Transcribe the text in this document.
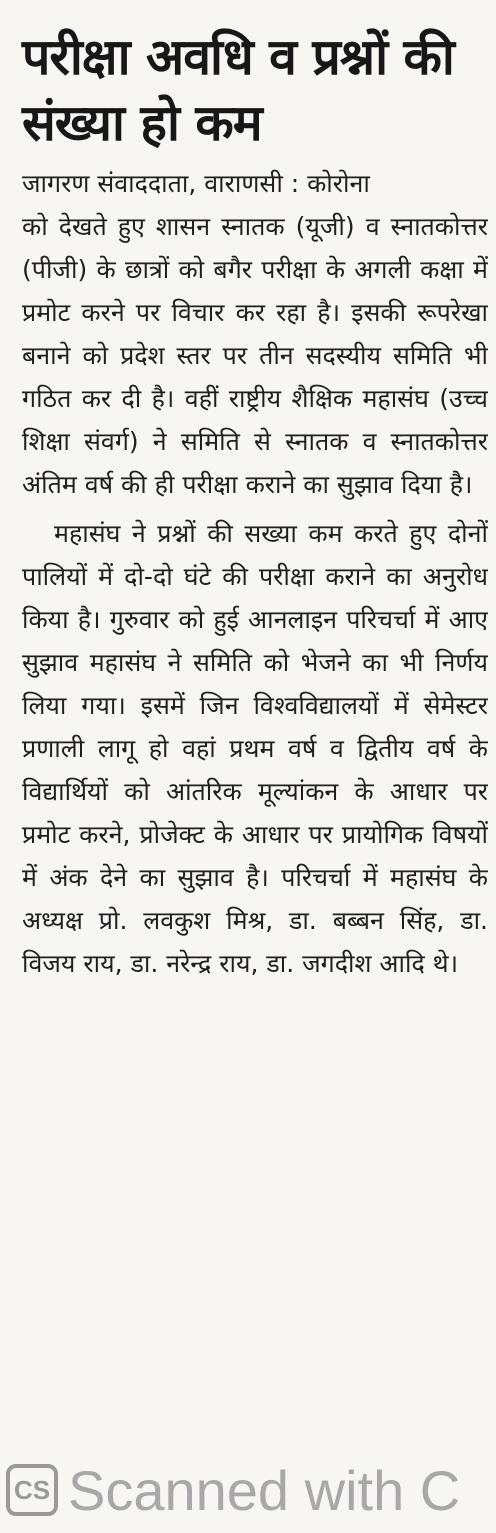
परीक्षा अवधि व प्रश्नों की संख्या हो कम
जागरण संवाददाता, वाराणसी : कोरोना
को देखते हुए शासन स्नातक (यूजी) व स्नातकोत्तर (पीजी) के छात्रों को बगैर परीक्षा के अगली कक्षा में प्रमोट करने पर विचार कर रहा है। इसकी रूपरेखा बनाने को प्रदेश स्तर पर तीन सदस्यीय समिति भी गठित कर दी है। वहीं राष्ट्रीय शैक्षिक महासंघ (उच्च शिक्षा संवर्ग) ने समिति से स्नातक व स्नातकोत्तर अंतिम वर्ष की ही परीक्षा कराने का सुझाव दिया है।
महासंघ ने प्रश्नों की सख्या कम करते हुए दोनों पालियों में दो-दो घंटे की परीक्षा कराने का अनुरोध किया है। गुरुवार को हुई आनलाइन परिचर्चा में आए सुझाव महासंघ ने समिति को भेजने का भी निर्णय लिया गया। इसमें जिन विश्वविद्यालयों में सेमेस्टर प्रणाली लागू हो वहां प्रथम वर्ष व द्वितीय वर्ष के विद्यार्थियों को आंतरिक मूल्यांकन के आधार पर प्रमोट करने, प्रोजेक्ट के आधार पर प्रायोगिक विषयों में अंक देने का सुझाव है। परिचर्चा में महासंघ के अध्यक्ष प्रो. लवकुश मिश्र, डा. बब्बन सिंह, डा. विजय राय, डा. नरेन्द्र राय, डा. जगदीश आदि थे।
CS Scanned with C
